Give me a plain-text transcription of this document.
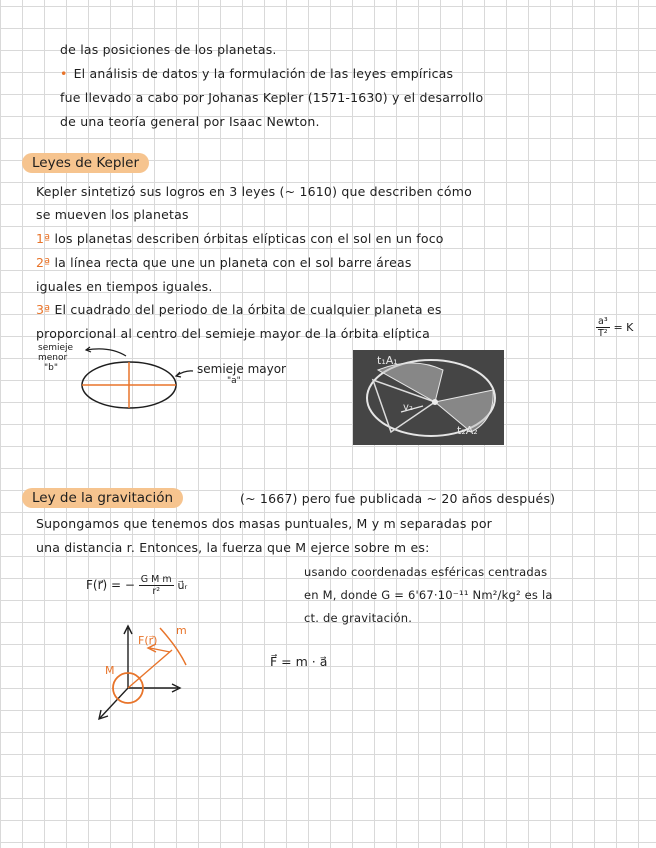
de las posiciones de los planetas.
• El análisis de datos y la formulación de las leyes empíricas
fue llevado a cabo por Johanas Kepler (1571-1630) y el desarrollo
de una teoría general por Isaac Newton.
Leyes de Kepler
Kepler sintetizó sus logros en 3 leyes (~ 1610) que describen cómo
se mueven los planetas
1ª los planetas describen órbitas elípticas con el sol en un foco
2ª la línea recta que une un planeta con el sol barre áreas
iguales en tiempos iguales.
3ª El cuadrado del periodo de la órbita de cualquier planeta es
proporcional al centro del semieje mayor de la órbita elíptica	$\frac{\text{a³}}{\text{T²}} = K$
semieje
menor
"b"	semieje mayor
"a"
t₁A₁
v₂
t₂A₂
Ley de la gravitación	(~ 1667) pero fue publicada ~ 20 años después)
Supongamos que tenemos dos masas puntuales, M y m separadas por
una distancia r. Entonces, la fuerza que M ejerce sobre m es:
F(r⃗) = − $\frac{\text{G M m}}{\text{r²}}$ u⃗ᵣ
usando coordenadas esféricas centradas
en M, donde G = 6'67·10⁻¹¹ Nm²/kg² es la
ct. de gravitación.
F⃗ = m · a⃗
F(r⃗)
m
M
